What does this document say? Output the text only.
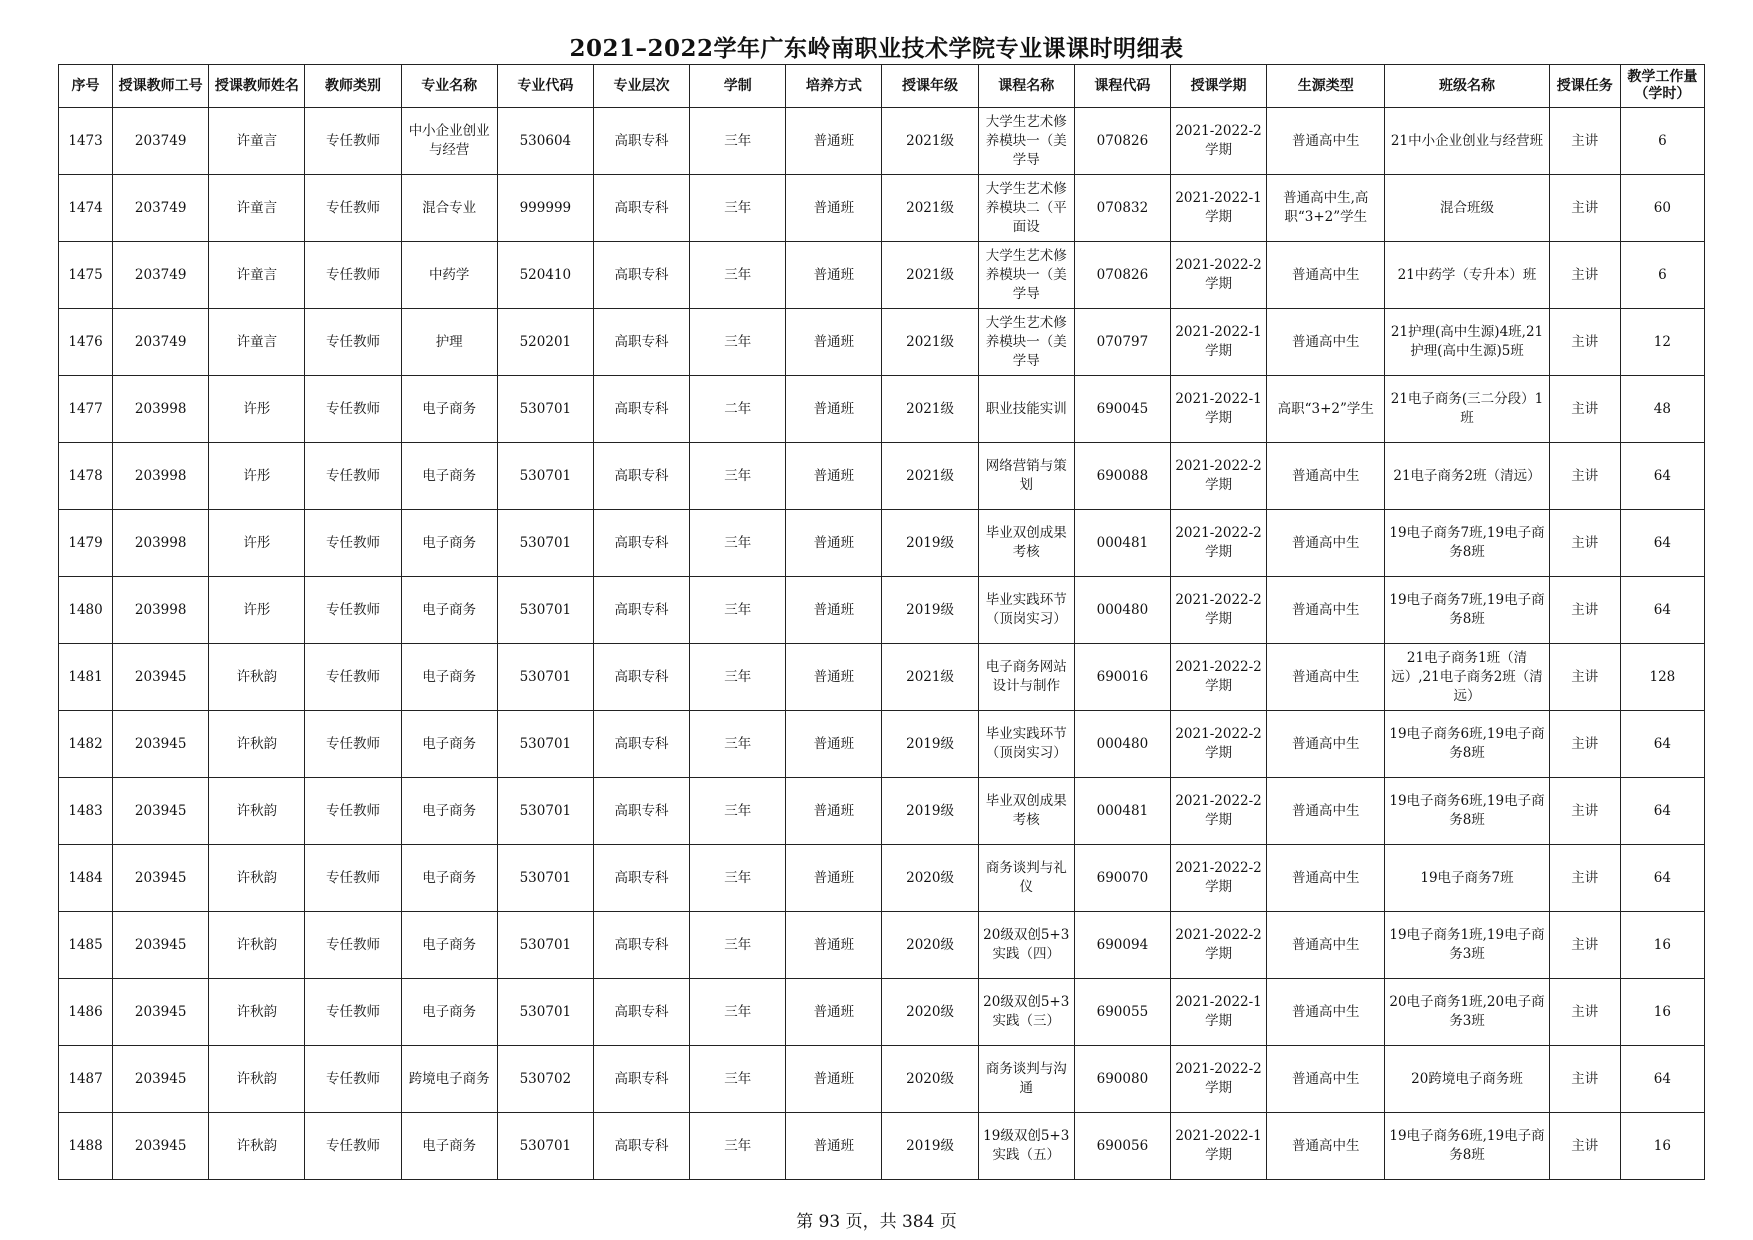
2021–2022学年广东岭南职业技术学院专业课课时明细表
序号	授课教师工号	授课教师姓名	教师类别	专业名称	专业代码	专业层次	学制	培养方式	授课年级	课程名称	课程代码	授课学期	生源类型	班级名称	授课任务	教学工作量（学时）

1473	203749	许童言	专任教师	中小企业创业与经营	530604	高职专科	三年	普通班	2021级	大学生艺术修养模块一（美学导	070826	2021-2022-2学期	普通高中生	21中小企业创业与经营班	主讲	6

1474	203749	许童言	专任教师	混合专业	999999	高职专科	三年	普通班	2021级	大学生艺术修养模块二（平面设	070832	2021-2022-1学期	普通高中生,高职“3+2”学生	混合班级	主讲	60

1475	203749	许童言	专任教师	中药学	520410	高职专科	三年	普通班	2021级	大学生艺术修养模块一（美学导	070826	2021-2022-2学期	普通高中生	21中药学（专升本）班	主讲	6

1476	203749	许童言	专任教师	护理	520201	高职专科	三年	普通班	2021级	大学生艺术修养模块一（美学导	070797	2021-2022-1学期	普通高中生	21护理(高中生源)4班,21护理(高中生源)5班	主讲	12

1477	203998	许彤	专任教师	电子商务	530701	高职专科	二年	普通班	2021级	职业技能实训	690045	2021-2022-1学期	高职“3+2”学生	21电子商务(三二分段）1班	主讲	48

1478	203998	许彤	专任教师	电子商务	530701	高职专科	三年	普通班	2021级	网络营销与策划	690088	2021-2022-2学期	普通高中生	21电子商务2班（清远）	主讲	64

1479	203998	许彤	专任教师	电子商务	530701	高职专科	三年	普通班	2019级	毕业双创成果考核	000481	2021-2022-2学期	普通高中生	19电子商务7班,19电子商务8班	主讲	64

1480	203998	许彤	专任教师	电子商务	530701	高职专科	三年	普通班	2019级	毕业实践环节（顶岗实习）	000480	2021-2022-2学期	普通高中生	19电子商务7班,19电子商务8班	主讲	64

1481	203945	许秋韵	专任教师	电子商务	530701	高职专科	三年	普通班	2021级	电子商务网站设计与制作	690016	2021-2022-2学期	普通高中生	21电子商务1班（清远）,21电子商务2班（清远）	主讲	128

1482	203945	许秋韵	专任教师	电子商务	530701	高职专科	三年	普通班	2019级	毕业实践环节（顶岗实习）	000480	2021-2022-2学期	普通高中生	19电子商务6班,19电子商务8班	主讲	64

1483	203945	许秋韵	专任教师	电子商务	530701	高职专科	三年	普通班	2019级	毕业双创成果考核	000481	2021-2022-2学期	普通高中生	19电子商务6班,19电子商务8班	主讲	64

1484	203945	许秋韵	专任教师	电子商务	530701	高职专科	三年	普通班	2020级	商务谈判与礼仪	690070	2021-2022-2学期	普通高中生	19电子商务7班	主讲	64

1485	203945	许秋韵	专任教师	电子商务	530701	高职专科	三年	普通班	2020级	20级双创5+3实践（四）	690094	2021-2022-2学期	普通高中生	19电子商务1班,19电子商务3班	主讲	16

1486	203945	许秋韵	专任教师	电子商务	530701	高职专科	三年	普通班	2020级	20级双创5+3实践（三）	690055	2021-2022-1学期	普通高中生	20电子商务1班,20电子商务3班	主讲	16

1487	203945	许秋韵	专任教师	跨境电子商务	530702	高职专科	三年	普通班	2020级	商务谈判与沟通	690080	2021-2022-2学期	普通高中生	20跨境电子商务班	主讲	64

1488	203945	许秋韵	专任教师	电子商务	530701	高职专科	三年	普通班	2019级	19级双创5+3实践（五）	690056	2021-2022-1学期	普通高中生	19电子商务6班,19电子商务8班	主讲	16
第 93 页，共 384 页
